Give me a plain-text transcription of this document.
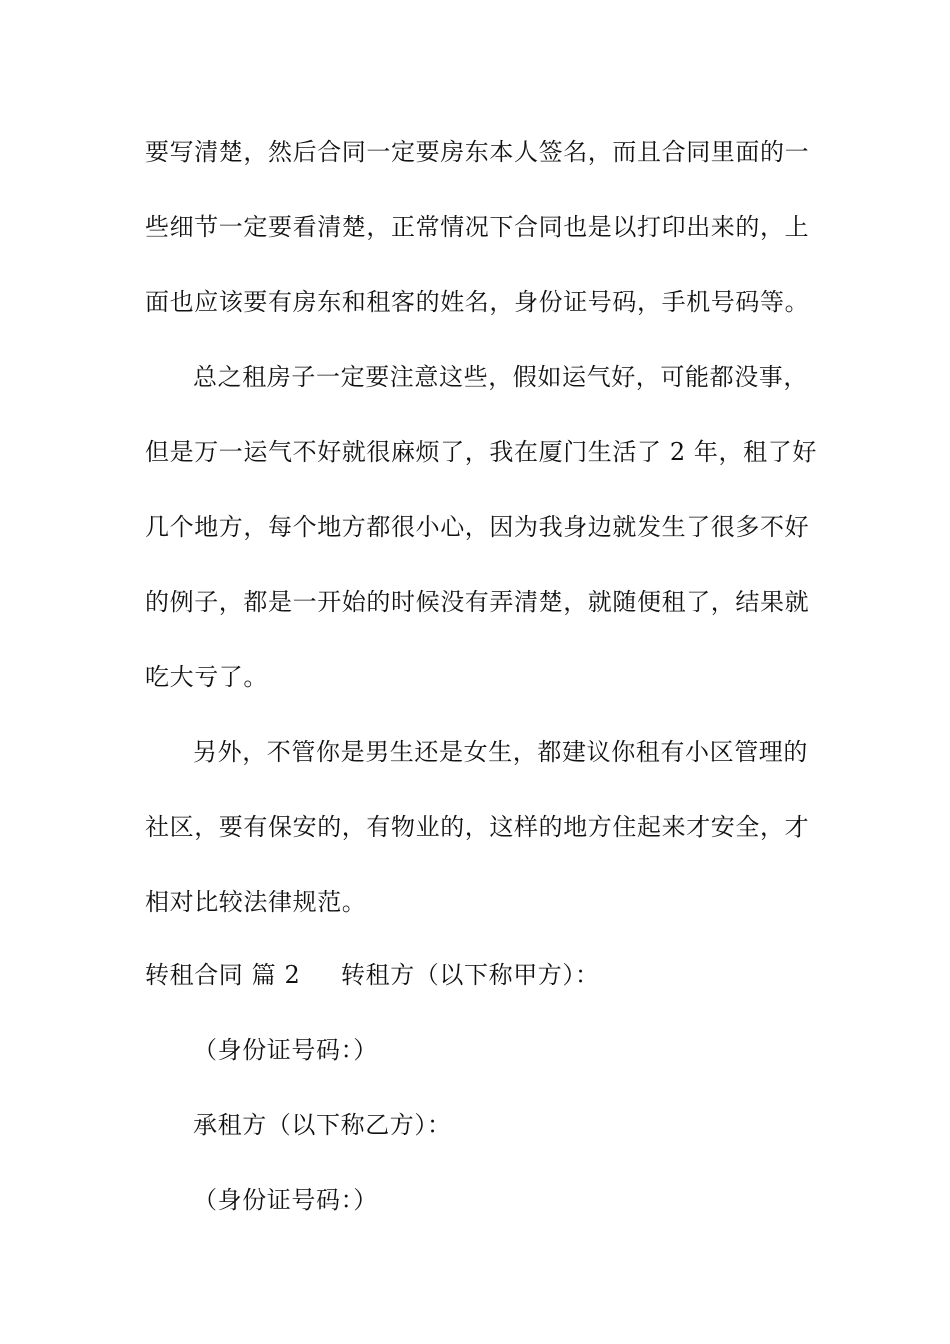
要写清楚，然后合同一定要房东本人签名，而且合同里面的一
些细节一定要看清楚，正常情况下合同也是以打印出来的，上
面也应该要有房东和租客的姓名，身份证号码，手机号码等。
总之租房子一定要注意这些，假如运气好，可能都没事，
但是万一运气不好就很麻烦了，我在厦门生活了 2 年，租了好
几个地方，每个地方都很小心，因为我身边就发生了很多不好
的例子，都是一开始的时候没有弄清楚，就随便租了，结果就
吃大亏了。
另外，不管你是男生还是女生，都建议你租有小区管理的
社区，要有保安的，有物业的，这样的地方住起来才安全，才
相对比较法律规范。
转租合同 篇 2 转租方（以下称甲方）：
（身份证号码：）
承租方（以下称乙方）：
（身份证号码：）
